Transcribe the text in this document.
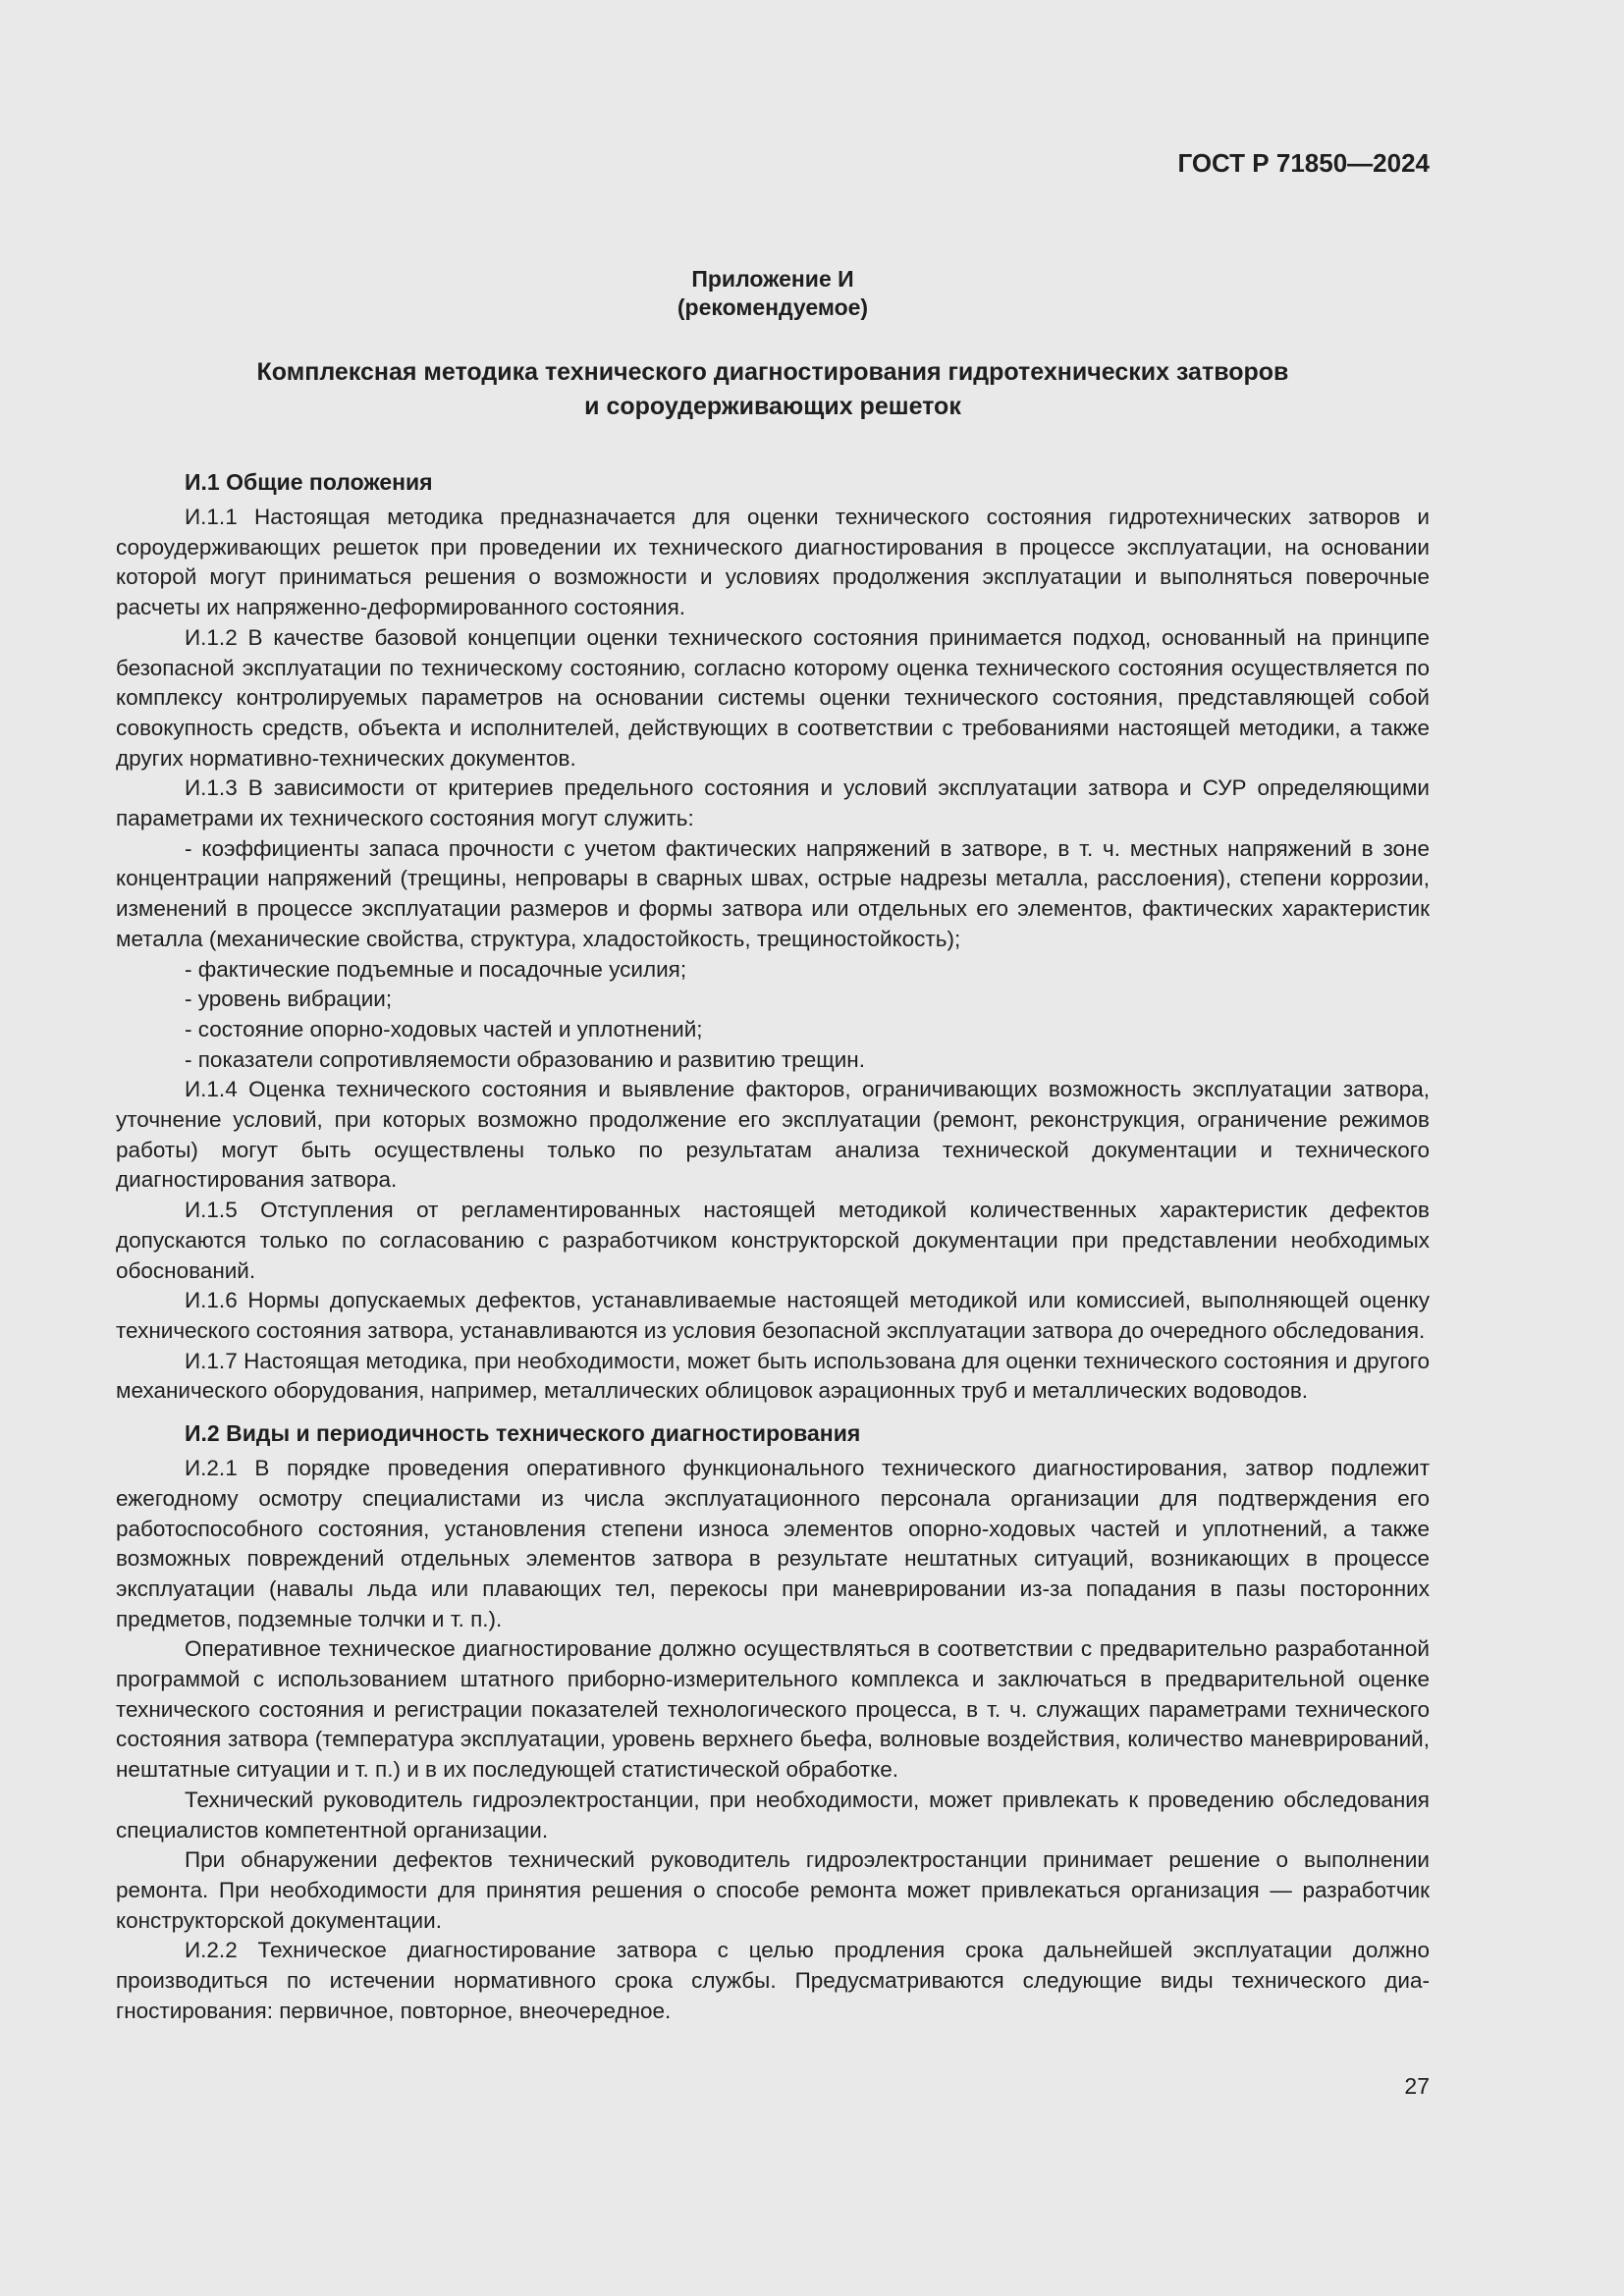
ГОСТ Р 71850—2024
Приложение И
(рекомендуемое)
Комплексная методика технического диагностирования гидротехнических затворов
и сороудерживающих решеток
И.1 Общие положения

И.1.1 Настоящая методика предназначается для оценки технического состояния гидротехнических затворов и сороудерживающих решеток при проведении их технического диагностирования в процессе эксплуатации, на основании которой могут приниматься решения о возможности и условиях продолжения эксплуатации и выполняться поверочные расчеты их напряженно-деформированного состояния.

И.1.2 В качестве базовой концепции оценки технического состояния принимается подход, основанный на принципе безопасной эксплуатации по техническому состоянию, согласно которому оценка технического состояния осуществляется по комплексу контролируемых параметров на основании системы оценки технического состояния, представляющей собой совокупность средств, объекта и исполнителей, действующих в соответствии с требованиями настоящей методики, а также других нормативно-технических документов.

И.1.3 В зависимости от критериев предельного состояния и условий эксплуатации затвора и СУР определяющими параметрами их технического состояния могут служить:

- коэффициенты запаса прочности с учетом фактических напряжений в затворе, в т. ч. местных напряжений в зоне концентрации напряжений (трещины, непровары в сварных швах, острые надрезы металла, расслоения), степени коррозии, изменений в процессе эксплуатации размеров и формы затвора или отдельных его элементов, фактических характеристик металла (механические свойства, структура, хладостойкость, трещиностойкость);

- фактические подъемные и посадочные усилия;

- уровень вибрации;

- состояние опорно-ходовых частей и уплотнений;

- показатели сопротивляемости образованию и развитию трещин.

И.1.4 Оценка технического состояния и выявление факторов, ограничивающих возможность эксплуатации затвора, уточнение условий, при которых возможно продолжение его эксплуатации (ремонт, реконструкция, ограничение режимов работы) могут быть осуществлены только по результатам анализа технической документации и технического диагностирования затвора.

И.1.5 Отступления от регламентированных настоящей методикой количественных характеристик дефектов допускаются только по согласованию с разработчиком конструкторской документации при представлении необходимых обоснований.

И.1.6 Нормы допускаемых дефектов, устанавливаемые настоящей методикой или комиссией, выполняющей оценку технического состояния затвора, устанавливаются из условия безопасной эксплуатации затвора до очередного обследования.

И.1.7 Настоящая методика, при необходимости, может быть использована для оценки технического состояния и другого механического оборудования, например, металлических облицовок аэрационных труб и металлических водоводов.

И.2 Виды и периодичность технического диагностирования

И.2.1 В порядке проведения оперативного функционального технического диагностирования, затвор подлежит ежегодному осмотру специалистами из числа эксплуатационного персонала организации для подтверждения его работоспособного состояния, установления степени износа элементов опорно-ходовых частей и уплотнений, а также возможных повреждений отдельных элементов затвора в результате нештатных ситуаций, возникающих в процессе эксплуатации (навалы льда или плавающих тел, перекосы при маневрировании из-за попадания в пазы посторонних предметов, подземные толчки и т. п.).

Оперативное техническое диагностирование должно осуществляться в соответствии с предварительно разработанной программой с использованием штатного приборно-измерительного комплекса и заключаться в предварительной оценке технического состояния и регистрации показателей технологического процесса, в т. ч. служащих параметрами технического состояния затвора (температура эксплуатации, уровень верхнего бьефа, волновые воздействия, количество маневрирований, нештатные ситуации и т. п.) и в их последующей статистической обработке.

Технический руководитель гидроэлектростанции, при необходимости, может привлекать к проведению обследования специалистов компетентной организации.

При обнаружении дефектов технический руководитель гидроэлектростанции принимает решение о выполнении ремонта. При необходимости для принятия решения о способе ремонта может привлекаться организация — разработчик конструкторской документации.

И.2.2 Техническое диагностирование затвора с целью продления срока дальнейшей эксплуатации должно производиться по истечении нормативного срока службы. Предусматриваются следующие виды технического диагностирования: первичное, повторное, внеочередное.

27
